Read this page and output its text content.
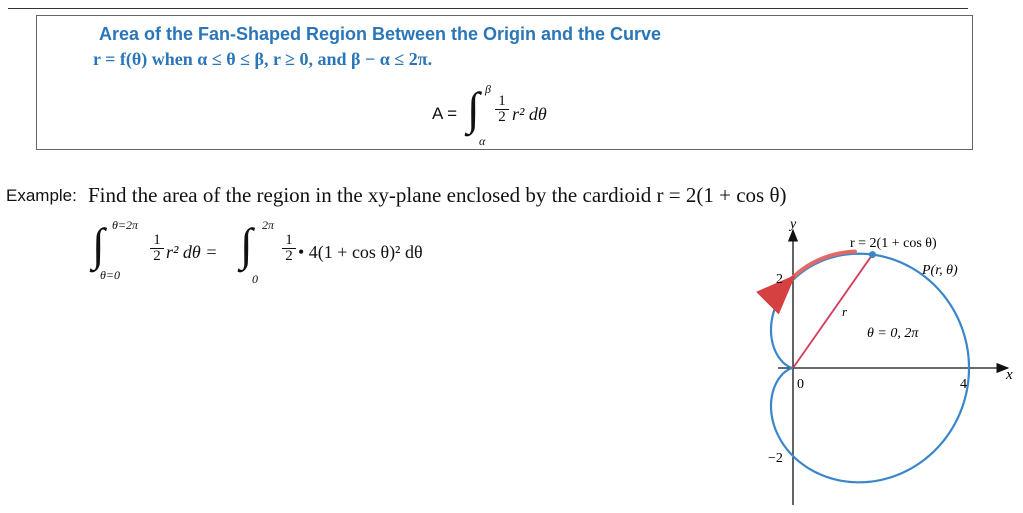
Area of the Fan-Shaped Region Between the Origin and the Curve
r = f(θ) when α ≤ θ ≤ β, r ≥ 0, and β − α ≤ 2π.
A = ∫ β
α
$\frac{1}{2} r^2$ dθ
Example: Find the area of the region in the xy-plane enclosed by the cardioid r = 2(1 + cos θ)
∫ θ=2π
θ=0
$\frac{1}{2} r^2$ dθ = ∫ 2π
0
$\frac{1}{2}$ • 4(1 + cos θ)² dθ	r = 2(1 + cos θ)
P(r, θ)
θ = 0, 2π
r
x
y
2
−2
0	4
